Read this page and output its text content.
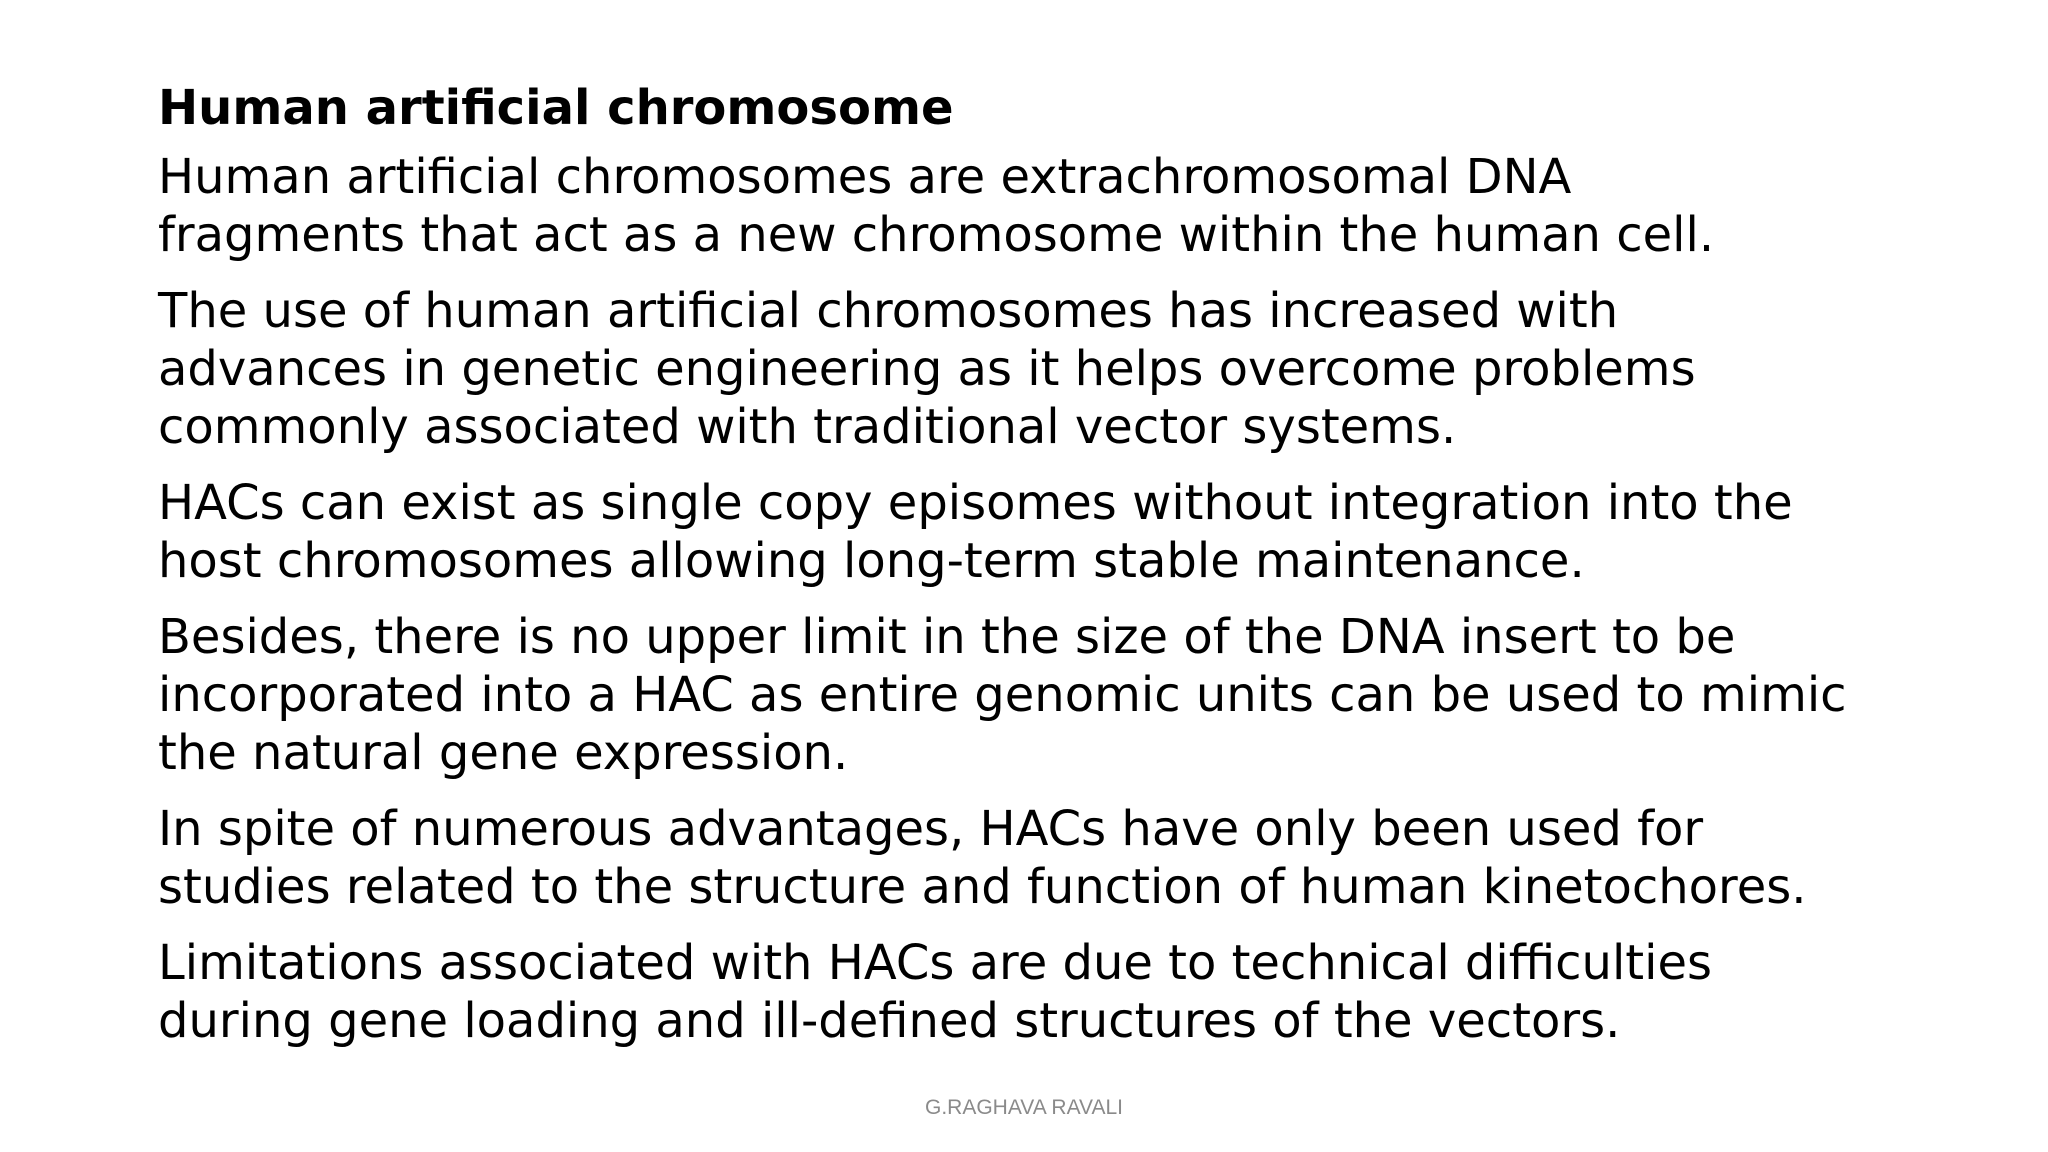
Human artificial chromosome
Human artificial chromosomes are extrachromosomal DNA
fragments that act as a new chromosome within the human cell.
The use of human artificial chromosomes has increased with
advances in genetic engineering as it helps overcome problems
commonly associated with traditional vector systems.
HACs can exist as single copy episomes without integration into the
host chromosomes allowing long-term stable maintenance.
Besides, there is no upper limit in the size of the DNA insert to be
incorporated into a HAC as entire genomic units can be used to mimic
the natural gene expression.
In spite of numerous advantages, HACs have only been used for
studies related to the structure and function of human kinetochores.
Limitations associated with HACs are due to technical difficulties
during gene loading and ill-defined structures of the vectors.
G.RAGHAVA RAVALI
